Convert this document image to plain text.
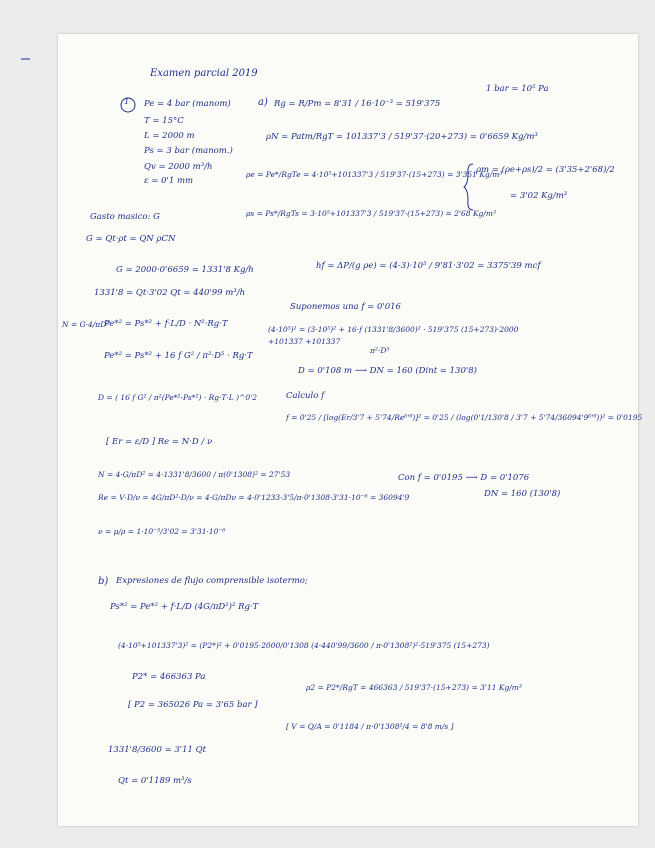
Examen parcial 2019
1 bar = 10⁵ Pa
1 Pe = 4 bar (manom)
T = 15°C
L = 2000 m
Ps = 3 bar (manom.)
Qv = 2000 m³/h
ε = 0'1 mm
a) Rg = R/Pm = 8'31 / 16·10⁻³ = 519'375
ρN = Patm/RgT = 101337'3 / 519'37·(20+273) = 0'6659 Kg/m³
ρe = Pe*/RgTe = 4·10⁵+101337'3 / 519'37·(15+273) = 3'351 Kg/m³
ρs = Ps*/RgTs = 3·10⁵+101337'3 / 519'37·(15+273) = 2'68 Kg/m³
ρm = (ρe+ρs)/2 = (3'35+2'68)/2
= 3'02 Kg/m³
Gasto masico: G
G = Qt·ρt = QN ρCN
G = 2000·0'6659 = 1331'8 Kg/h	hf = ΔP/(g ρe) = (4-3)·10⁵ / 9'81·3'02 = 3375'39 mcf
1331'8 = Qt·3'02 Qt = 440'99 m³/h
Suponemos una f = 0'016
(4·10⁵)² = (3·10⁵)² + 16·f (1331'8/3600)² · 519'375 (15+273)·2000
+101337 +101337
π²·D⁵
D = 0'108 m ⟶ DN = 160 (Dint = 130'8)
N = G·4/πD²
Pe*² = Ps*² + f·L/D · N²·Rg·T
Pe*² = Ps*² + 16 f G² / π²·D⁵ · Rg·T
D = ( 16 f G² / π²(Pe*²-Ps*²) · Rg·T·L )^0'2
[ Er = ε/D ] Re = N·D / ν
Calculo f
f = 0'25 / [log(Er/3'7 + 5'74/Re⁰'⁹)]² = 0'25 / (log(0'1/130'8 / 3'7 + 5'74/36094'9⁰'⁹))² = 0'0195
N = 4·G/πD² = 4·1331'8/3600 / π(0'1308)² = 27'53
Re = V·D/ν = 4G/πD²·D/ν = 4·G/πDν = 4·0'1233·3'5/π·0'1308·3'31·10⁻⁶ = 36094'9
ν = μ/ρ = 1·10⁻⁵/3'02 = 3'31·10⁻⁶
Con f = 0'0195 ⟶ D = 0'1076
DN = 160 (130'8)
b) Expresiones de flujo comprensible isotermo;
Ps*² = Pe*² + f·L/D (4G/πD²)² Rg·T
(4·10⁵+101337'3)² = (P2*)² + 0'0195·2000/0'1308 (4·440'99/3600 / π·0'1308²)²·519'375 (15+273)
P2* = 466363 Pa
[ P2 = 365026 Pa = 3'65 bar ]
ρ2 = P2*/RgT = 466363 / 519'37·(15+273) = 3'11 Kg/m³
[ V = Q/A = 0'1184 / π·0'1308²/4 = 8'8 m/s ]
1331'8/3600 = 3'11 Qt
Qt = 0'1189 m³/s
